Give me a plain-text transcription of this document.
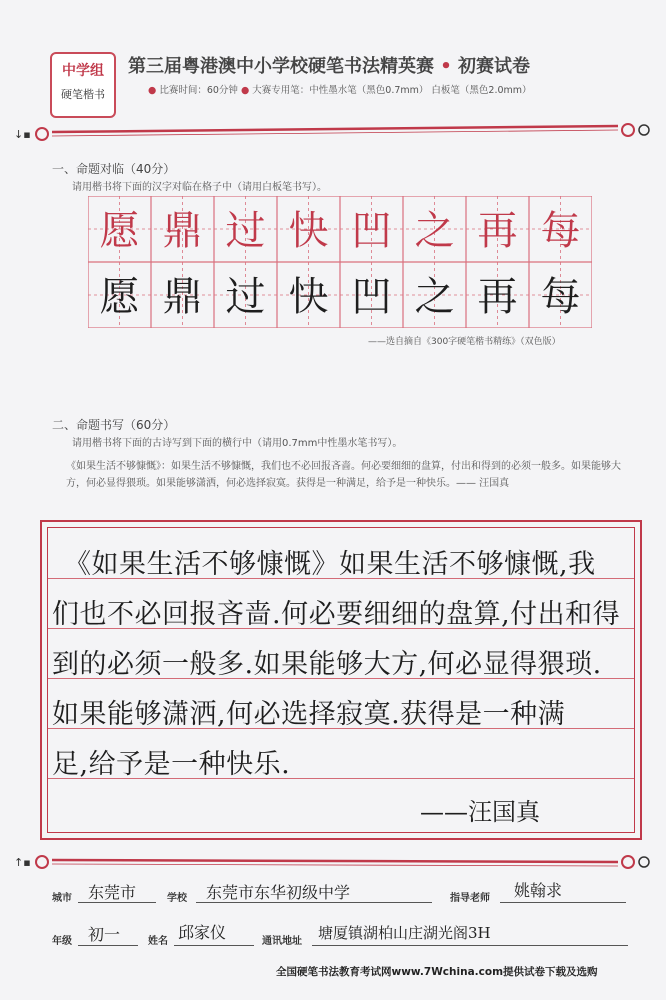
中学组
硬笔楷书
第三届粤港澳中小学校硬笔书法精英赛 • 初赛试卷
● 比赛时间：60分钟 ● 大赛专用笔：中性墨水笔（黑色0.7mm） 白板笔（黑色2.0mm）
↓▪
一、命题对临（40分）
请用楷书将下面的汉字对临在格子中（请用白板笔书写）。
愿 鼎 过 快 凹 之 再 每
愿 鼎 过 快 凹 之 再 每
——选自摘自《300字硬笔楷书精练》（双色版）
二、命题书写（60分）
请用楷书将下面的古诗写到下面的横行中（请用0.7mm中性墨水笔书写）。
《如果生活不够慷慨》：如果生活不够慷慨，我们也不必回报吝啬。何必要细细的盘算，付出和得到的必须一般多。如果能够大方，何必显得猥琐。如果能够潇洒，何必选择寂寞。获得是一种满足，给予是一种快乐。—— 汪国真
《如果生活不够慷慨》如果生活不够慷慨,我
们也不必回报吝啬.何必要细细的盘算,付出和得
到的必须一般多.如果能够大方,何必显得猥琐.
如果能够潇洒,何必选择寂寞.获得是一种满
足,给予是一种快乐.
——汪国真
↑▪
城市 东莞市	学校 东莞市东华初级中学	指导老师 姚翰求
年级 初一	姓名 邱家仪	通讯地址 塘厦镇湖柏山庄湖光阁3H
全国硬笔书法教育考试网www.7Wchina.com提供试卷下载及选购
